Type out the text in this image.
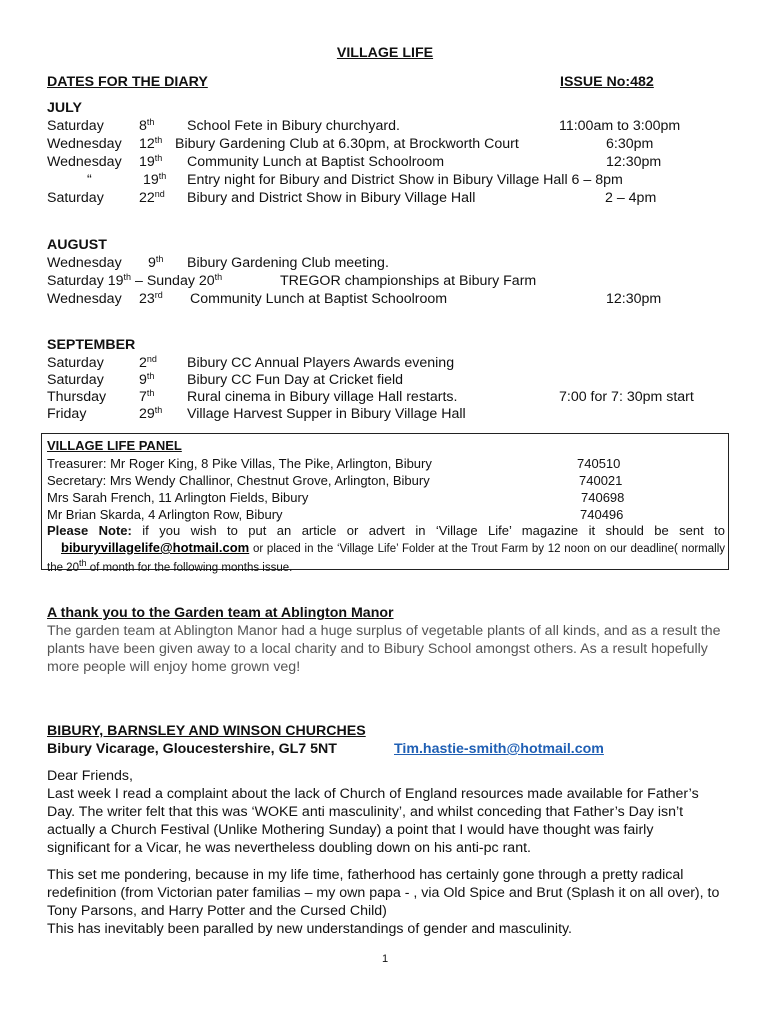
VILLAGE LIFE
DATES FOR THE DIARY	ISSUE No:482
JULY
Saturday 8th School Fete in Bibury churchyard.	11:00am to 3:00pm
Wednesday 12th Bibury Gardening Club at 6.30pm, at Brockworth Court	6:30pm
Wednesday 19th Community Lunch at Baptist Schoolroom	12:30pm
“	19th Entry night for Bibury and District Show in Bibury Village Hall 6 – 8pm
Saturday 22nd Bibury and District Show in Bibury Village Hall	2 – 4pm
AUGUST
Wednesday 9th Bibury Gardening Club meeting.
Saturday 19th – Sunday 20th	TREGOR championships at Bibury Farm
Wednesday 23rd Community Lunch at Baptist Schoolroom	12:30pm
SEPTEMBER
Saturday 2nd Bibury CC Annual Players Awards evening
Saturday 9th Bibury CC Fun Day at Cricket field
Thursday 7th Rural cinema in Bibury village Hall restarts.	7:00 for 7: 30pm start
Friday	29th Village Harvest Supper in Bibury Village Hall
VILLAGE LIFE PANEL
Treasurer: Mr Roger King, 8 Pike Villas, The Pike, Arlington, Bibury	740510
Secretary: Mrs Wendy Challinor, Chestnut Grove, Arlington, Bibury	740021
Mrs Sarah French, 11 Arlington Fields, Bibury	740698
Mr Brian Skarda, 4 Arlington Row, Bibury	740496
Please Note: if you wish to put an article or advert in ‘Village Life’ magazine it should be sent to biburyvillagelife@hotmail.com or placed in the ‘Village Life’ Folder at the Trout Farm by 12 noon on our deadline( normally the 20th of month for the following months issue.
A thank you to the Garden team at Ablington Manor
The garden team at Ablington Manor had a huge surplus of vegetable plants of all kinds, and as a result the plants have been given away to a local charity and to Bibury School amongst others. As a result hopefully more people will enjoy home grown veg!
BIBURY, BARNSLEY AND WINSON CHURCHES
Bibury Vicarage, Gloucestershire, GL7 5NT	Tim.hastie-smith@hotmail.com
Dear Friends,
Last week I read a complaint about the lack of Church of England resources made available for Father’s Day. The writer felt that this was ‘WOKE anti masculinity’, and whilst conceding that Father’s Day isn’t actually a Church Festival (Unlike Mothering Sunday) a point that I would have thought was fairly significant for a Vicar, he was nevertheless doubling down on his anti-pc rant.
This set me pondering, because in my life time, fatherhood has certainly gone through a pretty radical redefinition (from Victorian pater familias – my own papa - , via Old Spice and Brut (Splash it on all over), to Tony Parsons, and Harry Potter and the Cursed Child)
This has inevitably been paralled by new understandings of gender and masculinity.
1
